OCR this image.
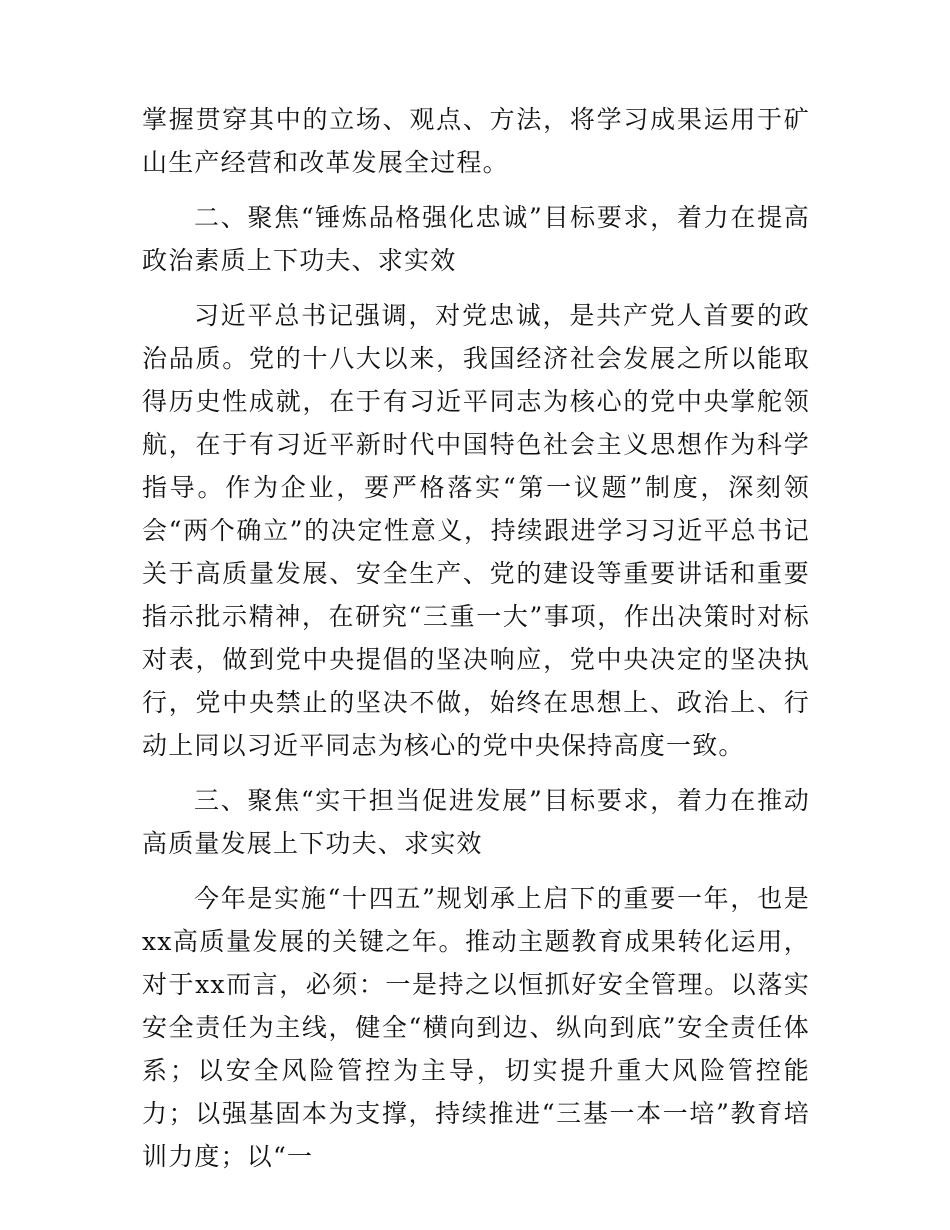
掌握贯穿其中的立场、观点、方法，将学习成果运用于矿山生产经营和改革发展全过程。

二、聚焦“锤炼品格强化忠诚”目标要求，着力在提高政治素质上下功夫、求实效

习近平总书记强调，对党忠诚，是共产党人首要的政治品质。党的十八大以来，我国经济社会发展之所以能取得历史性成就，在于有习近平同志为核心的党中央掌舵领航，在于有习近平新时代中国特色社会主义思想作为科学指导。作为企业，要严格落实“第一议题”制度，深刻领会“两个确立”的决定性意义，持续跟进学习习近平总书记关于高质量发展、安全生产、党的建设等重要讲话和重要指示批示精神，在研究“三重一大”事项，作出决策时对标对表，做到党中央提倡的坚决响应，党中央决定的坚决执行，党中央禁止的坚决不做，始终在思想上、政治上、行动上同以习近平同志为核心的党中央保持高度一致。

三、聚焦“实干担当促进发展”目标要求，着力在推动高质量发展上下功夫、求实效

今年是实施“十四五”规划承上启下的重要一年，也是xx高质量发展的关键之年。推动主题教育成果转化运用，对于xx而言，必须：一是持之以恒抓好安全管理。以落实安全责任为主线，健全“横向到边、纵向到底”安全责任体系；以安全风险管控为主导，切实提升重大风险管控能力；以强基固本为支撑，持续推进“三基一本一培”教育培训力度；以“一
